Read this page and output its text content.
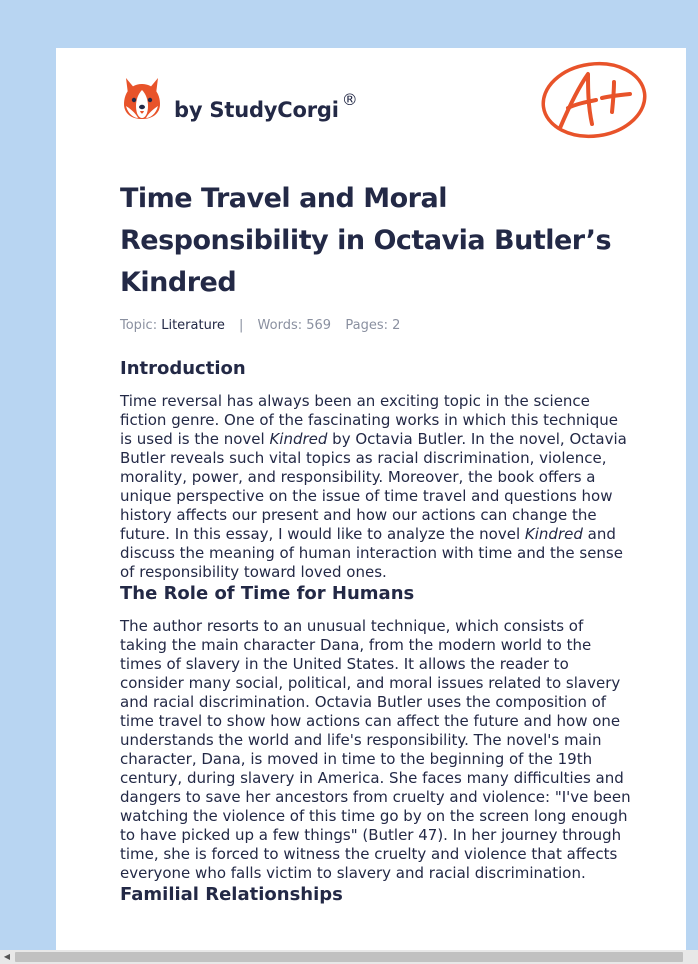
by StudyCorgi ®
A+
Time Travel and Moral Responsibility in Octavia Butler’s Kindred
Topic: Literature | Words: 569 Pages: 2
Introduction

Time reversal has always been an exciting topic in the science fiction genre. One of the fascinating works in which this technique is used is the novel Kindred by Octavia Butler. In the novel, Octavia Butler reveals such vital topics as racial discrimination, violence, morality, power, and responsibility. Moreover, the book offers a unique perspective on the issue of time travel and questions how history affects our present and how our actions can change the future. In this essay, I would like to analyze the novel Kindred and discuss the meaning of human interaction with time and the sense of responsibility toward loved ones.

The Role of Time for Humans

The author resorts to an unusual technique, which consists of taking the main character Dana, from the modern world to the times of slavery in the United States. It allows the reader to consider many social, political, and moral issues related to slavery and racial discrimination. Octavia Butler uses the composition of time travel to show how actions can affect the future and how one understands the world and life's responsibility. The novel's main character, Dana, is moved in time to the beginning of the 19th century, during slavery in America. She faces many difficulties and dangers to save her ancestors from cruelty and violence: "I've been watching the violence of this time go by on the screen long enough to have picked up a few things" (Butler 47). In her journey through time, she is forced to witness the cruelty and violence that affects everyone who falls victim to slavery and racial discrimination.

Familial Relationships
◀
